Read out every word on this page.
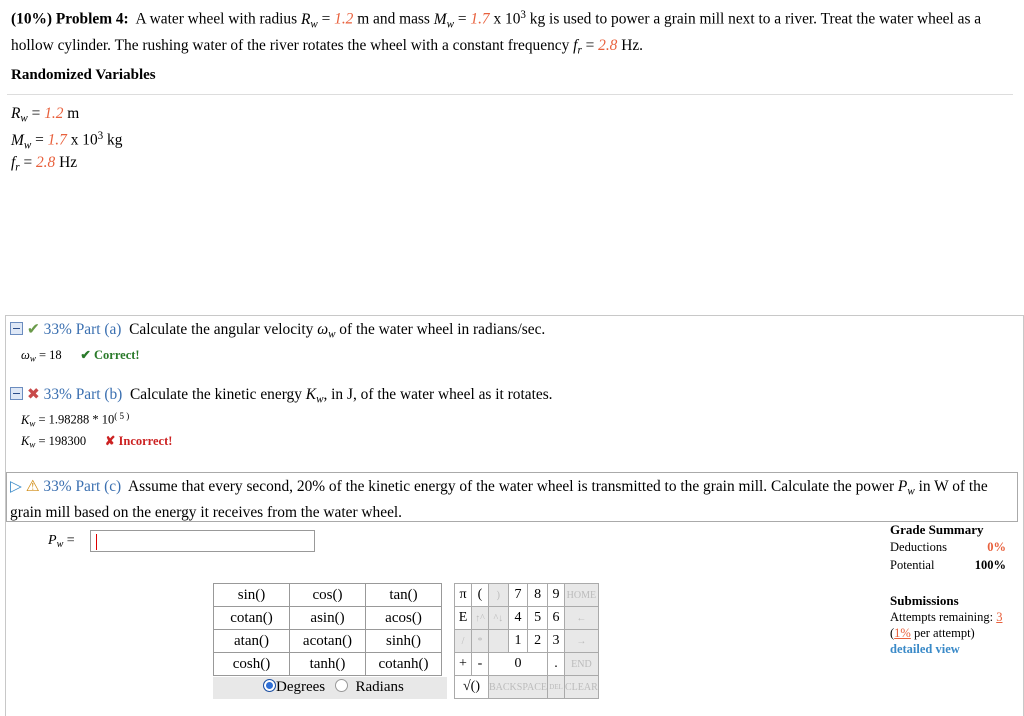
(10%) Problem 4: A water wheel with radius $R_w = 1.2$ m and mass $M_w = 1.7$ x $10^3$ kg is used to power a grain mill next to a river. Treat the water wheel as a hollow cylinder. The rushing water of the river rotates the wheel with a constant frequency $f_r = 2.8$ Hz.
Randomized Variables
$R_w = 1.2$ m
$M_w = 1.7$ x $10^3$ kg
$f_r = 2.8$ Hz
✔ 33% Part (a) Calculate the angular velocity $\omega_w$ of the water wheel in radians/sec.
$\omega_w = 18$ ✔ Correct!
✖ 33% Part (b) Calculate the kinetic energy $K_w$, in J, of the water wheel as it rotates.
$K_w = 1.98288 * 10^{( 5 )}$
$K_w = 198300$ ✘ Incorrect!
▷ ⚠ 33% Part (c) Assume that every second, 20% of the kinetic energy of the water wheel is transmitted to the grain mill. Calculate the power $P_w$ in W of the grain mill based on the energy it receives from the water wheel.
$P_w$ =
sin()	cos()	tan()
cotan()	asin()	acos()
atan()	acotan()	sinh()
cosh()	tanh()	cotanh()
Degrees	Radians
π	(	)	7	8	9	HOME
E	↑^	^↓	4	5	6	←
/	*		1	2	3	→
+	-	0			.	END
√()		BACKSPACE			DEL	CLEAR
Grade Summary
Deductions	0%
Potential	100%
Submissions
Attempts remaining: 3
(1% per attempt)
detailed view
